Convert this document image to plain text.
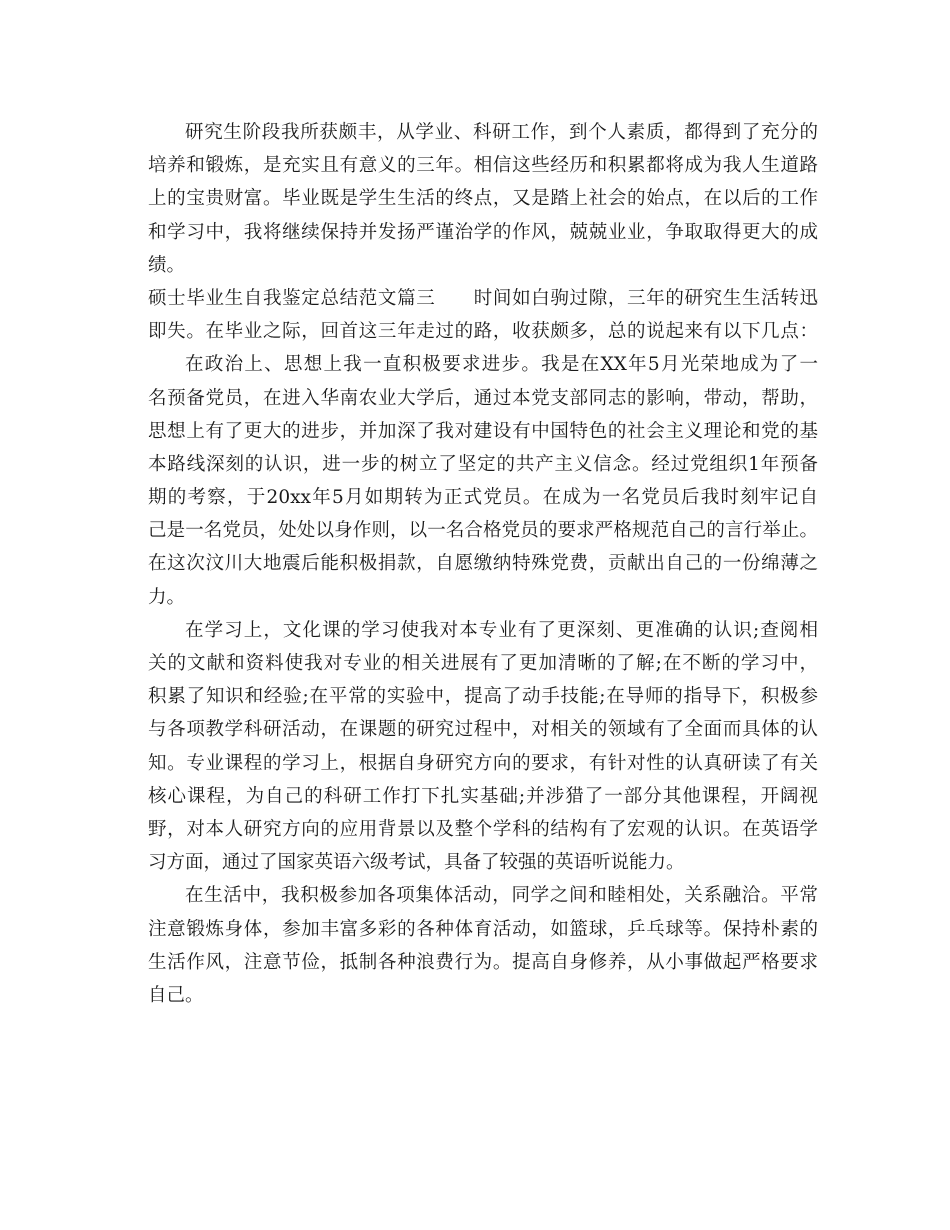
研究生阶段我所获颇丰，从学业、科研工作，到个人素质，都得到了充分的
培养和锻炼，是充实且有意义的三年。相信这些经历和积累都将成为我人生道路
上的宝贵财富。毕业既是学生生活的终点，又是踏上社会的始点，在以后的工作
和学习中，我将继续保持并发扬严谨治学的作风，兢兢业业，争取取得更大的成
绩。
硕士毕业生自我鉴定总结范文篇三　　时间如白驹过隙，三年的研究生生活转迅
即失。在毕业之际，回首这三年走过的路，收获颇多，总的说起来有以下几点：
在政治上、思想上我一直积极要求进步。我是在XX年5月光荣地成为了一
名预备党员，在进入华南农业大学后，通过本党支部同志的影响，带动，帮助，
思想上有了更大的进步，并加深了我对建设有中国特色的社会主义理论和党的基
本路线深刻的认识，进一步的树立了坚定的共产主义信念。经过党组织1年预备
期的考察，于20xx年5月如期转为正式党员。在成为一名党员后我时刻牢记自
己是一名党员，处处以身作则，以一名合格党员的要求严格规范自己的言行举止。
在这次汶川大地震后能积极捐款，自愿缴纳特殊党费，贡献出自己的一份绵薄之
力。
在学习上，文化课的学习使我对本专业有了更深刻、更准确的认识;查阅相
关的文献和资料使我对专业的相关进展有了更加清晰的了解;在不断的学习中，
积累了知识和经验;在平常的实验中，提高了动手技能;在导师的指导下，积极参
与各项教学科研活动，在课题的研究过程中，对相关的领域有了全面而具体的认
知。专业课程的学习上，根据自身研究方向的要求，有针对性的认真研读了有关
核心课程，为自己的科研工作打下扎实基础;并涉猎了一部分其他课程，开阔视
野，对本人研究方向的应用背景以及整个学科的结构有了宏观的认识。在英语学
习方面，通过了国家英语六级考试，具备了较强的英语听说能力。
在生活中，我积极参加各项集体活动，同学之间和睦相处，关系融洽。平常
注意锻炼身体，参加丰富多彩的各种体育活动，如篮球，乒乓球等。保持朴素的
生活作风，注意节俭，抵制各种浪费行为。提高自身修养，从小事做起严格要求
自己。
